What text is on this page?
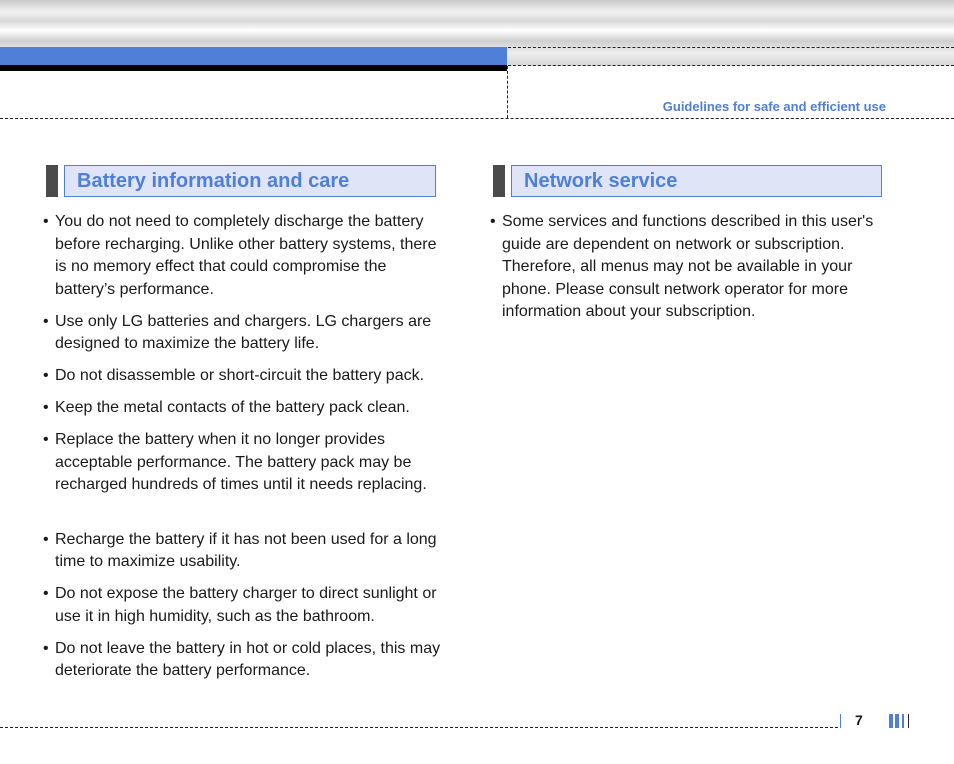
Guidelines for safe and efficient use
Battery information and care
• You do not need to completely discharge the battery before recharging. Unlike other battery systems, there is no memory effect that could compromise the battery’s performance.
• Use only LG batteries and chargers. LG chargers are designed to maximize the battery life.
• Do not disassemble or short-circuit the battery pack.
• Keep the metal contacts of the battery pack clean.
• Replace the battery when it no longer provides acceptable performance. The battery pack may be recharged hundreds of times until it needs replacing.
• Recharge the battery if it has not been used for a long time to maximize usability.
• Do not expose the battery charger to direct sunlight or use it in high humidity, such as the bathroom.
• Do not leave the battery in hot or cold places, this may deteriorate the battery performance.
Network service
• Some services and functions described in this user's guide are dependent on network or subscription. Therefore, all menus may not be available in your phone. Please consult network operator for more information about your subscription.
7
